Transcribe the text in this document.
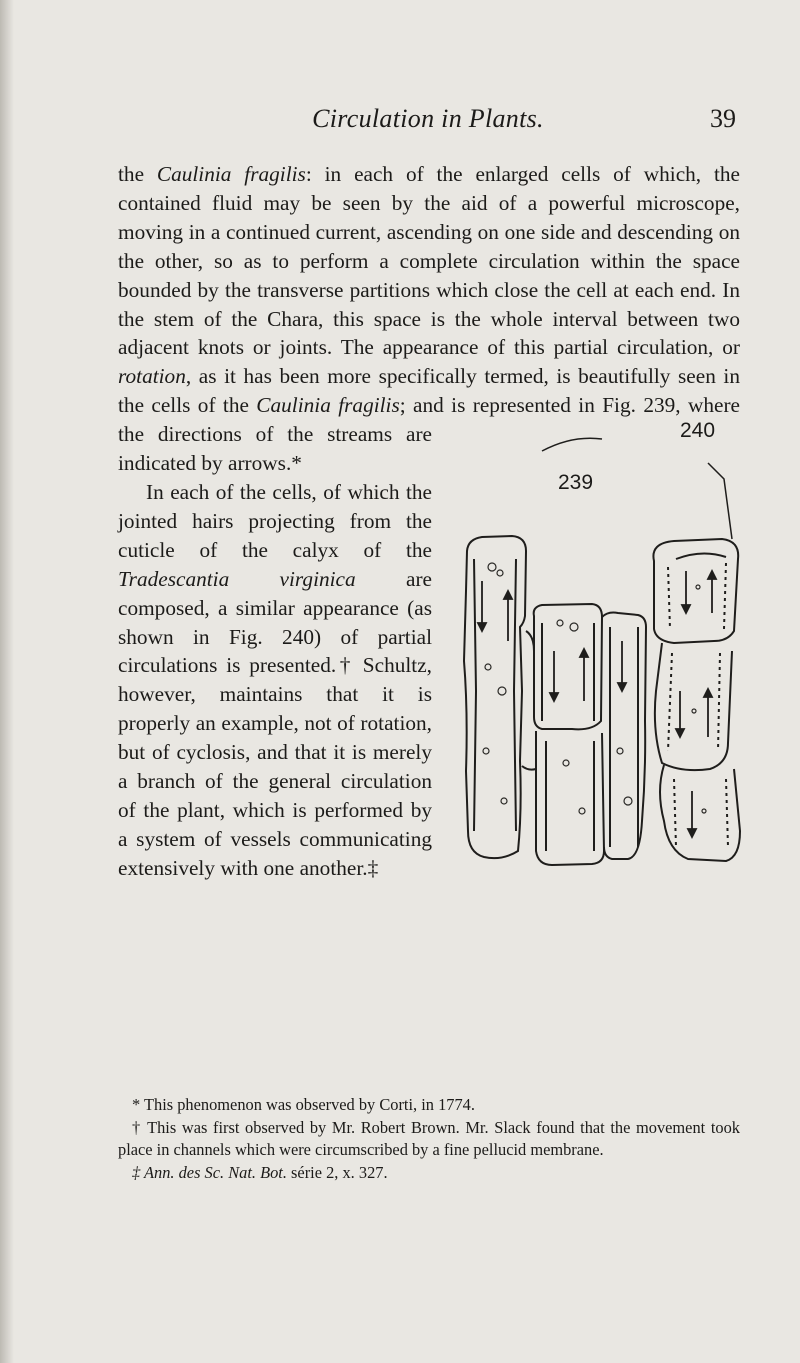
Circulation in Plants.	39

the Caulinia fragilis: in each of the enlarged cells of which, the contained fluid may be seen by the aid of a powerful microscope, moving in a continued current, ascending on one side and descending on the other, so as to perform a complete circulation within the space bounded by the transverse partitions which close the cell at each end. In the stem of the Chara, this space is the whole interval between two adjacent knots or joints. The appearance of this partial circulation, or rotation, as it has been more specifically termed, is beautifully seen in the cells of the
239
240
Caulinia fragilis; and is represented in Fig. 239, where the directions of the streams are indicated by arrows.*

In each of the cells, of which the jointed hairs projecting from the cuticle of the calyx of the Tradescantia virginica are composed, a similar appearance (as shown in Fig. 240) of partial circulations is presented.† Schultz, however, maintains that it is properly an example, not of rotation, but of cyclosis, and that it is merely a branch of the general circulation of the plant, which is performed by a system of vessels communicating extensively with one another.‡

* This phenomenon was observed by Corti, in 1774.

† This was first observed by Mr. Robert Brown. Mr. Slack found that the movement took place in channels which were circumscribed by a fine pellucid membrane.

‡ Ann. des Sc. Nat. Bot. série 2, x. 327.
